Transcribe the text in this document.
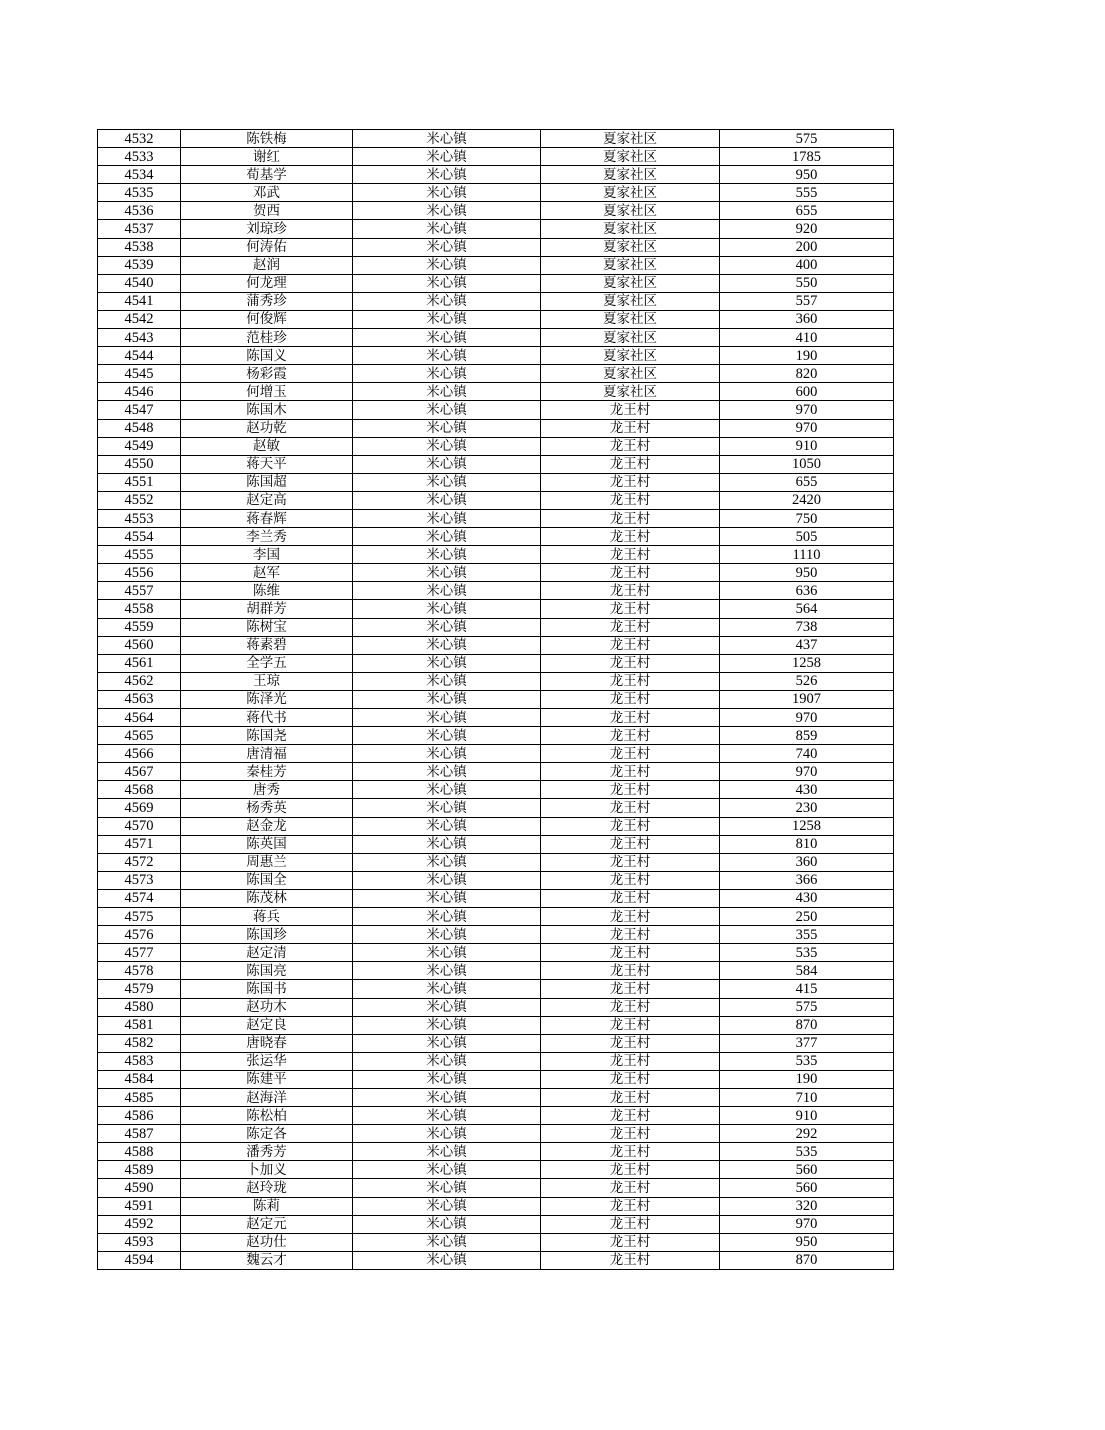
4532	陈铁梅	米心镇	夏家社区	575
4533	谢红	米心镇	夏家社区	1785
4534	荀基学	米心镇	夏家社区	950
4535	邓武	米心镇	夏家社区	555
4536	贺西	米心镇	夏家社区	655
4537	刘琼珍	米心镇	夏家社区	920
4538	何涛佑	米心镇	夏家社区	200
4539	赵润	米心镇	夏家社区	400
4540	何龙理	米心镇	夏家社区	550
4541	蒲秀珍	米心镇	夏家社区	557
4542	何俊辉	米心镇	夏家社区	360
4543	范桂珍	米心镇	夏家社区	410
4544	陈国义	米心镇	夏家社区	190
4545	杨彩霞	米心镇	夏家社区	820
4546	何增玉	米心镇	夏家社区	600
4547	陈国木	米心镇	龙王村	970
4548	赵功乾	米心镇	龙王村	970
4549	赵敏	米心镇	龙王村	910
4550	蒋天平	米心镇	龙王村	1050
4551	陈国超	米心镇	龙王村	655
4552	赵定高	米心镇	龙王村	2420
4553	蒋春辉	米心镇	龙王村	750
4554	李兰秀	米心镇	龙王村	505
4555	李国	米心镇	龙王村	1110
4556	赵军	米心镇	龙王村	950
4557	陈维	米心镇	龙王村	636
4558	胡群芳	米心镇	龙王村	564
4559	陈树宝	米心镇	龙王村	738
4560	蒋素碧	米心镇	龙王村	437
4561	全学五	米心镇	龙王村	1258
4562	王琼	米心镇	龙王村	526
4563	陈泽光	米心镇	龙王村	1907
4564	蒋代书	米心镇	龙王村	970
4565	陈国尧	米心镇	龙王村	859
4566	唐清福	米心镇	龙王村	740
4567	秦桂芳	米心镇	龙王村	970
4568	唐秀	米心镇	龙王村	430
4569	杨秀英	米心镇	龙王村	230
4570	赵金龙	米心镇	龙王村	1258
4571	陈英国	米心镇	龙王村	810
4572	周惠兰	米心镇	龙王村	360
4573	陈国全	米心镇	龙王村	366
4574	陈茂林	米心镇	龙王村	430
4575	蒋兵	米心镇	龙王村	250
4576	陈国珍	米心镇	龙王村	355
4577	赵定清	米心镇	龙王村	535
4578	陈国亮	米心镇	龙王村	584
4579	陈国书	米心镇	龙王村	415
4580	赵功木	米心镇	龙王村	575
4581	赵定良	米心镇	龙王村	870
4582	唐晓春	米心镇	龙王村	377
4583	张运华	米心镇	龙王村	535
4584	陈建平	米心镇	龙王村	190
4585	赵海洋	米心镇	龙王村	710
4586	陈松柏	米心镇	龙王村	910
4587	陈定各	米心镇	龙王村	292
4588	潘秀芳	米心镇	龙王村	535
4589	卜加义	米心镇	龙王村	560
4590	赵玲珑	米心镇	龙王村	560
4591	陈莉	米心镇	龙王村	320
4592	赵定元	米心镇	龙王村	970
4593	赵功仕	米心镇	龙王村	950
4594	魏云才	米心镇	龙王村	870
